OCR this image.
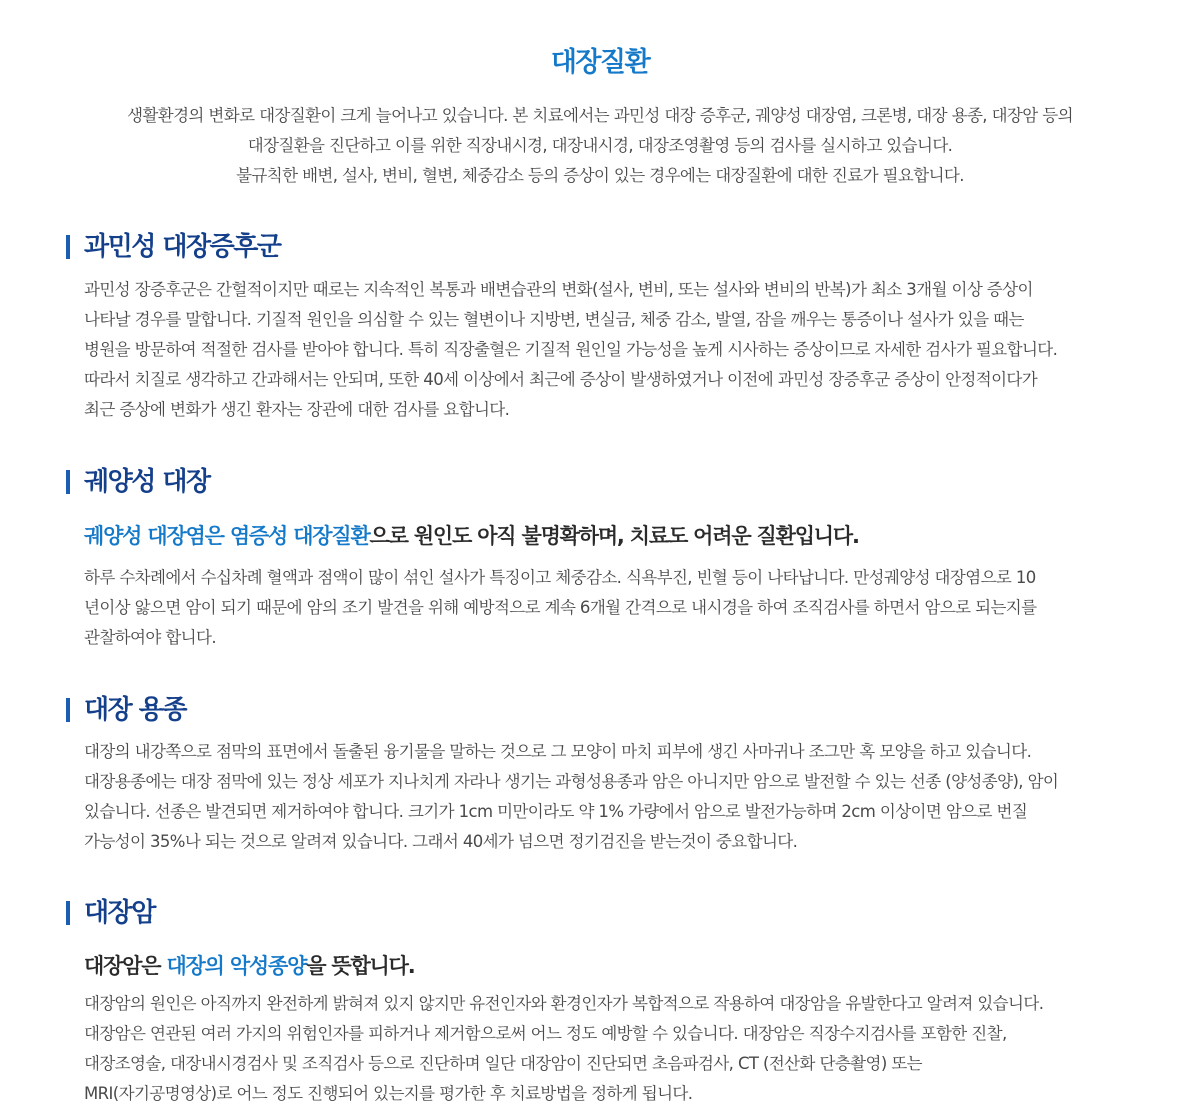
대장질환

생활환경의 변화로 대장질환이 크게 늘어나고 있습니다. 본 치료에서는 과민성 대장 증후군, 궤양성 대장염, 크론병, 대장 용종, 대장암 등의

대장질환을 진단하고 이를 위한 직장내시경, 대장내시경, 대장조영촬영 등의 검사를 실시하고 있습니다.

불규칙한 배변, 설사, 변비, 혈변, 체중감소 등의 증상이 있는 경우에는 대장질환에 대한 진료가 필요합니다.

과민성 대장증후군

과민성 장증후군은 간헐적이지만 때로는 지속적인 복통과 배변습관의 변화(설사, 변비, 또는 설사와 변비의 반복)가 최소 3개월 이상 증상이

나타날 경우를 말합니다. 기질적 원인을 의심할 수 있는 혈변이나 지방변, 변실금, 체중 감소, 발열, 잠을 깨우는 통증이나 설사가 있을 때는

병원을 방문하여 적절한 검사를 받아야 합니다. 특히 직장출혈은 기질적 원인일 가능성을 높게 시사하는 증상이므로 자세한 검사가 필요합니다.

따라서 치질로 생각하고 간과해서는 안되며, 또한 40세 이상에서 최근에 증상이 발생하였거나 이전에 과민성 장증후군 증상이 안정적이다가

최근 증상에 변화가 생긴 환자는 장관에 대한 검사를 요합니다.

궤양성 대장
궤양성 대장염은 염증성 대장질환으로 원인도 아직 불명확하며, 치료도 어려운 질환입니다.

하루 수차례에서 수십차례 혈액과 점액이 많이 섞인 설사가 특징이고 체중감소. 식욕부진, 빈혈 등이 나타납니다. 만성궤양성 대장염으로 10

년이상 앓으면 암이 되기 때문에 암의 조기 발견을 위해 예방적으로 계속 6개월 간격으로 내시경을 하여 조직검사를 하면서 암으로 되는지를

관찰하여야 합니다.

대장 용종

대장의 내강쪽으로 점막의 표면에서 돌출된 융기물을 말하는 것으로 그 모양이 마치 피부에 생긴 사마귀나 조그만 혹 모양을 하고 있습니다.

대장용종에는 대장 점막에 있는 정상 세포가 지나치게 자라나 생기는 과형성용종과 암은 아니지만 암으로 발전할 수 있는 선종 (양성종양), 암이

있습니다. 선종은 발견되면 제거하여야 합니다. 크기가 1cm 미만이라도 약 1% 가량에서 암으로 발전가능하며 2cm 이상이면 암으로 번질

가능성이 35%나 되는 것으로 알려져 있습니다. 그래서 40세가 넘으면 정기검진을 받는것이 중요합니다.

대장암
대장암은 대장의 악성종양을 뜻합니다.

대장암의 원인은 아직까지 완전하게 밝혀져 있지 않지만 유전인자와 환경인자가 복합적으로 작용하여 대장암을 유발한다고 알려져 있습니다.

대장암은 연관된 여러 가지의 위험인자를 피하거나 제거함으로써 어느 정도 예방할 수 있습니다. 대장암은 직장수지검사를 포함한 진찰,

대장조영술, 대장내시경검사 및 조직검사 등으로 진단하며 일단 대장암이 진단되면 초음파검사, CT (전산화 단층촬영) 또는

MRI(자기공명영상)로 어느 정도 진행되어 있는지를 평가한 후 치료방법을 정하게 됩니다.
